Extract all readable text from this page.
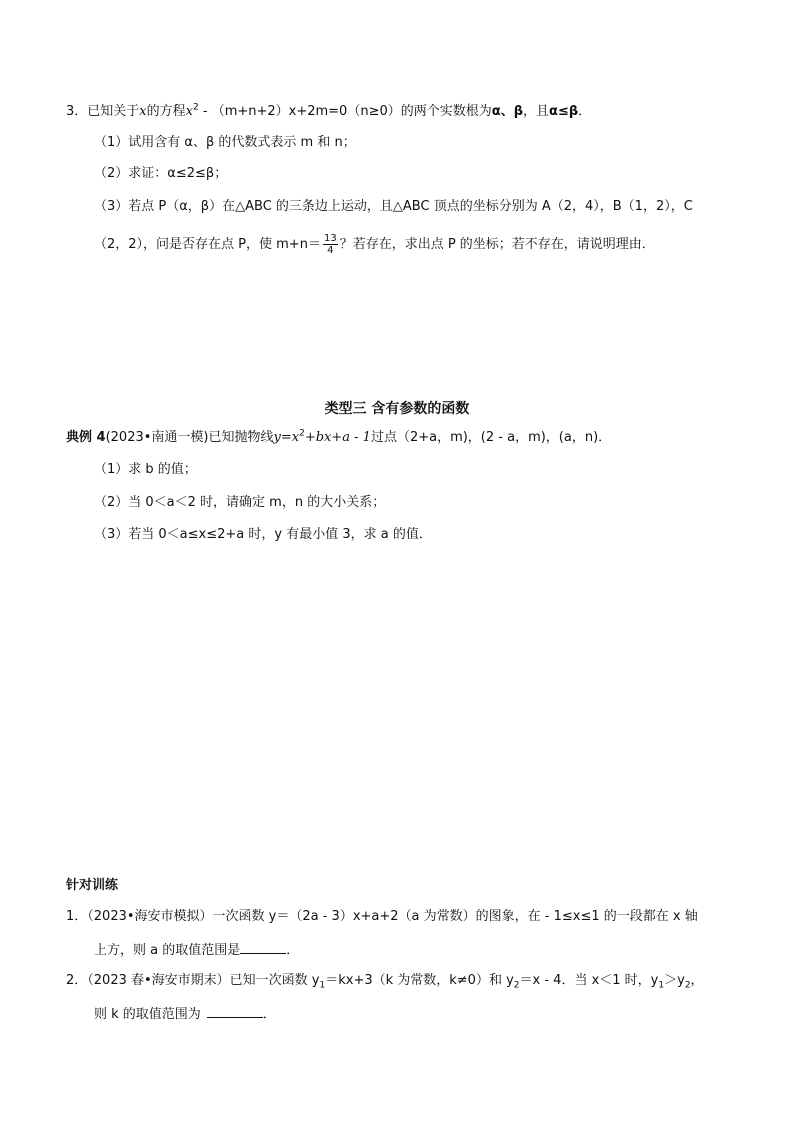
3．已知关于x的方程$x^2 - (m+n+2)x+2m=0(n\ge 0)$的两个实数根为α、β，且α≤β．
（1）试用含有 α、β 的代数式表示 m 和 n；
（2）求证：α≤2≤β；
（3）若点 P（α，β）在△ABC 的三条边上运动，且△ABC 顶点的坐标分别为 A（2，4），B（1，2），C
（2，2），问是否存在点 P，使 $m+n= \frac{13}{4}$ ？若存在，求出点 P 的坐标；若不存在，请说明理由．
类型三 含有参数的函数
典例 4(2023•南通一模)已知抛物线$y=x^2+bx+a - 1$过点（2+a，m)，(2 - a，m)，(a，n)．
（1）求 b 的值；
（2）当 0＜a＜2 时，请确定 m，n 的大小关系；
（3）若当 0＜a≤x≤2+a 时，y 有最小值 3，求 a 的值．
针对训练
1．（2023•海安市模拟）一次函数 y＝（2a - 3）x+a+2（a 为常数）的图象，在 - 1≤x≤1 的一段都在 x 轴
上方，则 a 的取值范围是	．
2．（2023 春•海安市期末）已知一次函数 $y_1=kx+3(k$ 为常数，k≠0）和 $y_2=x - 4$．当 x＜1 时，$y_1>y_2$，
则 k 的取值范围为	．
